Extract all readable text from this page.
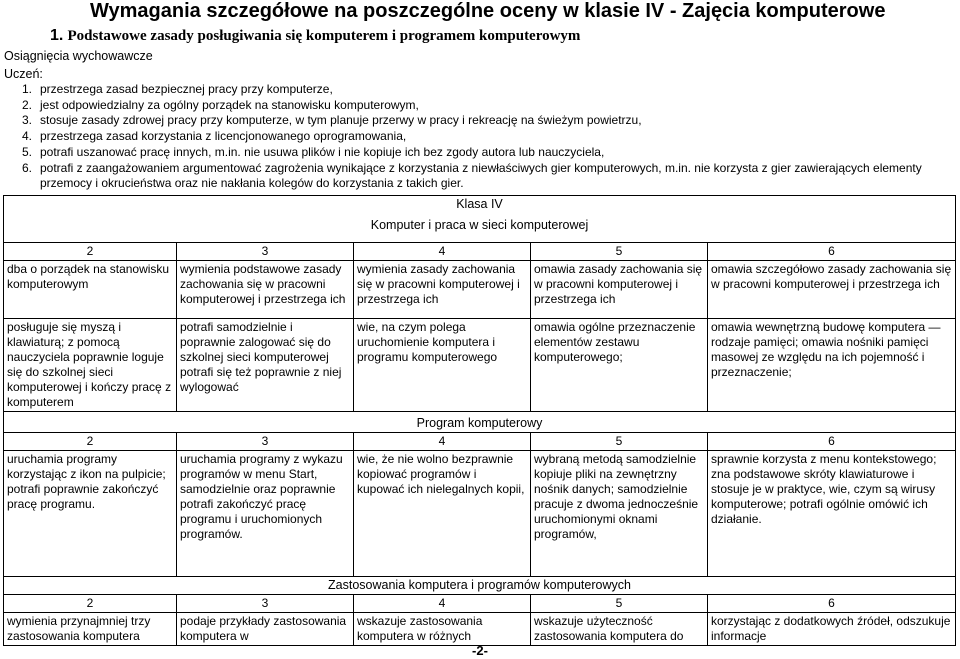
Wymagania szczegółowe na poszczególne oceny w klasie IV - Zajęcia komputerowe
1. Podstawowe zasady posługiwania się komputerem i programem komputerowym
Osiągnięcia wychowawcze
Uczeń:
1. przestrzega zasad bezpiecznej pracy przy komputerze,
2. jest odpowiedzialny za ogólny porządek na stanowisku komputerowym,
3. stosuje zasady zdrowej pracy przy komputerze, w tym planuje przerwy w pracy i rekreację na świeżym powietrzu,
4. przestrzega zasad korzystania z licencjonowanego oprogramowania,
5. potrafi uszanować pracę innych, m.in. nie usuwa plików i nie kopiuje ich bez zgody autora lub nauczyciela,
6. potrafi z zaangażowaniem argumentować zagrożenia wynikające z korzystania z niewłaściwych gier komputerowych, m.in. nie korzysta z gier zawierających elementy
przemocy i okrucieństwa oraz nie nakłania kolegów do korzystania z takich gier.
Klasa IV
Komputer i praca w sieci komputerowej				

2	3	4	5	6
dba o porządek na stanowisku komputerowym	wymienia podstawowe zasady zachowania się w pracowni komputerowej i przestrzega ich	wymienia zasady zachowania się w pracowni komputerowej i przestrzega ich	omawia zasady zachowania się w pracowni komputerowej i przestrzega ich	omawia szczegółowo zasady zachowania się w pracowni komputerowej i przestrzega ich
posługuje się myszą i klawiaturą; z pomocą nauczyciela poprawnie loguje się do szkolnej sieci komputerowej i kończy pracę z komputerem	potrafi samodzielnie i poprawnie zalogować się do szkolnej sieci komputerowej potrafi się też poprawnie z niej wylogować	wie, na czym polega uruchomienie komputera i programu komputerowego	omawia ogólne przeznaczenie elementów zestawu komputerowego;	omawia wewnętrzną budowę komputera — rodzaje pamięci; omawia nośniki pamięci masowej ze względu na ich pojemność i przeznaczenie;
Program komputerowy				
2	3	4	5	6
uruchamia programy korzystając z ikon na pulpicie; potrafi poprawnie zakończyć pracę programu.	uruchamia programy z wykazu programów w menu Start, samodzielnie oraz poprawnie potrafi zakończyć pracę programu i uruchomionych programów.	wie, że nie wolno bezprawnie kopiować programów i kupować ich nielegalnych kopii,	wybraną metodą samodzielnie kopiuje pliki na zewnętrzny nośnik danych; samodzielnie pracuje z dwoma jednocześnie uruchomionymi oknami programów,	sprawnie korzysta z menu kontekstowego; zna podstawowe skróty klawiaturowe i stosuje je w praktyce, wie, czym są wirusy komputerowe; potrafi ogólnie omówić ich działanie.
Zastosowania komputera i programów komputerowych				
2	3	4	5	6
wymienia przynajmniej trzy zastosowania komputera	podaje przykłady zastosowania komputera w	wskazuje zastosowania komputera w różnych	wskazuje użyteczność zastosowania komputera do	korzystając z dodatkowych źródeł, odszukuje informacje
-2-
